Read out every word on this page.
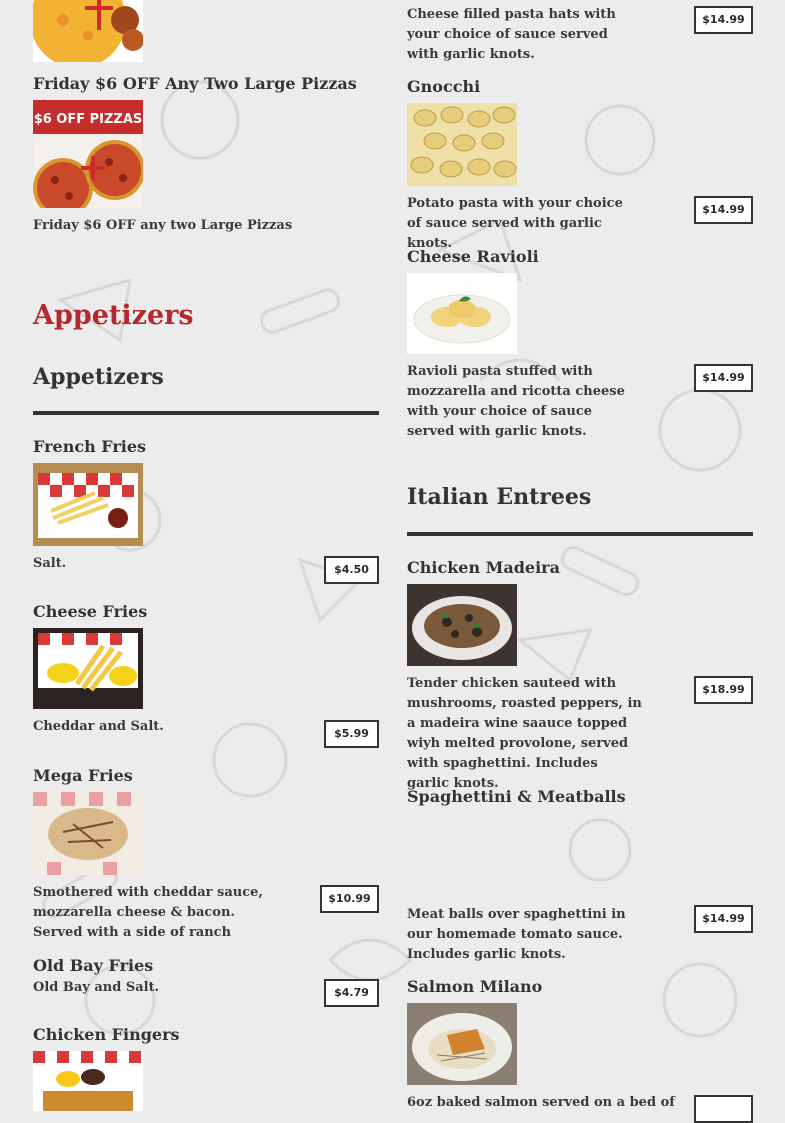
Friday $6 OFF Any Two Large Pizzas

$6 OFF PIZZAS

Friday $6 OFF any two Large Pizzas

Appetizers
Appetizers

French Fries

Salt.	$4.50

Cheese Fries

Cheddar and Salt.	$5.99

Mega Fries

Smothered with cheddar sauce, mozzarella cheese & bacon. Served with a side of ranch

$10.99

Old Bay Fries

Old Bay and Salt.	$4.79

Chicken Fingers

Cheese filled pasta hats with your choice of sauce served with garlic knots.

$14.99

Gnocchi

Potato pasta with your choice of sauce served with garlic knots.

$14.99

Cheese Ravioli

Ravioli pasta stuffed with mozzarella and ricotta cheese with your choice of sauce served with garlic knots.

$14.99
Italian Entrees

Chicken Madeira

Tender chicken sauteed with mushrooms, roasted peppers, in a madeira wine saauce topped wiyh melted provolone, served with spaghettini. Includes garlic knots.

$18.99

Spaghettini & Meatballs

Meat balls over spaghettini in our homemade tomato sauce. Includes garlic knots.

$14.99

Salmon Milano

6oz baked salmon served on a bed of
